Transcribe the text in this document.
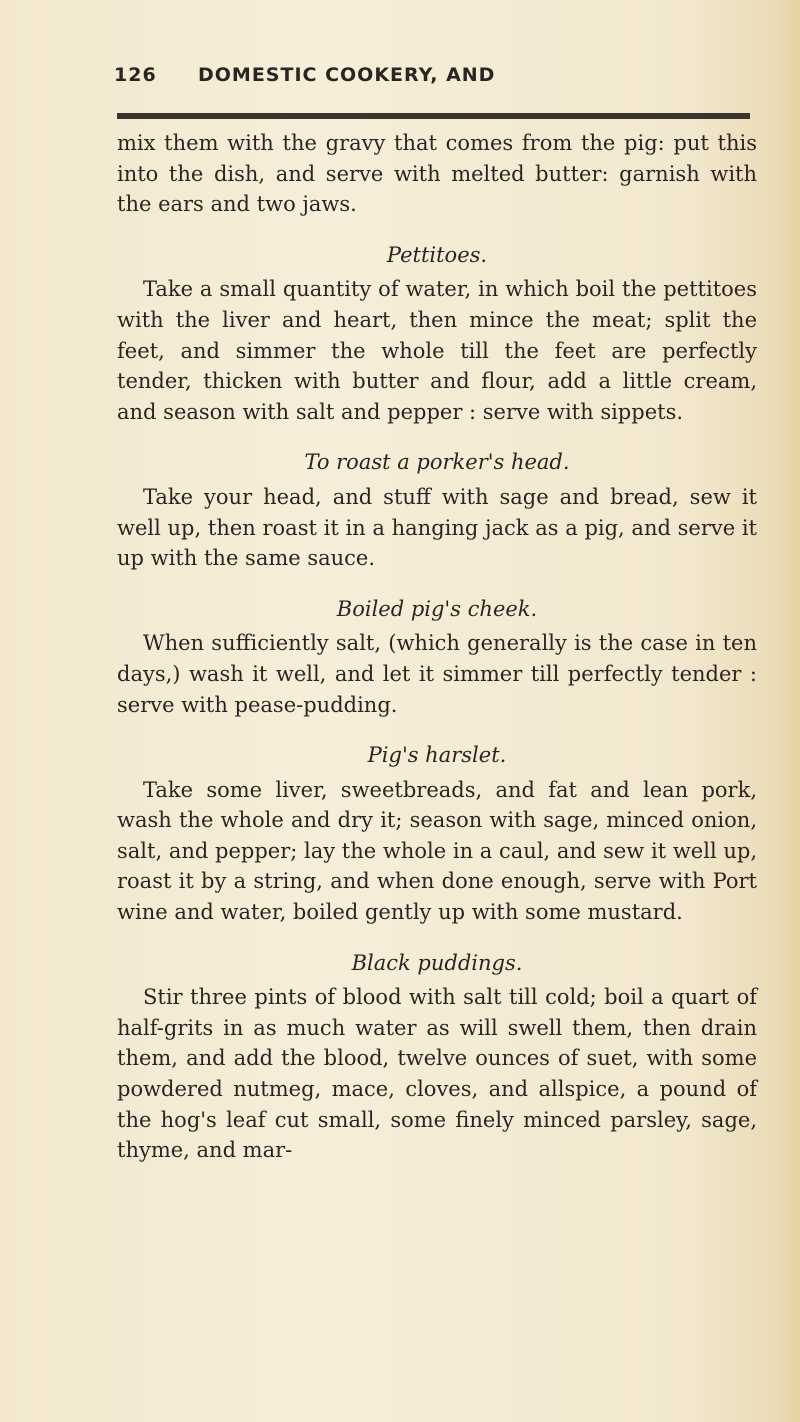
126 DOMESTIC COOKERY, AND

mix them with the gravy that comes from the pig: put this into the dish, and serve with melted butter: garnish with the ears and two jaws.

Pettitoes.

Take a small quantity of water, in which boil the pettitoes with the liver and heart, then mince the meat; split the feet, and simmer the whole till the feet are perfectly tender, thicken with butter and flour, add a little cream, and season with salt and pepper : serve with sippets.

To roast a porker's head.

Take your head, and stuff with sage and bread, sew it well up, then roast it in a hanging jack as a pig, and serve it up with the same sauce.

Boiled pig's cheek.

When sufficiently salt, (which generally is the case in ten days,) wash it well, and let it simmer till perfectly tender : serve with pease-pudding.

Pig's harslet.

Take some liver, sweetbreads, and fat and lean pork, wash the whole and dry it; season with sage, minced onion, salt, and pepper; lay the whole in a caul, and sew it well up, roast it by a string, and when done enough, serve with Port wine and water, boiled gently up with some mustard.

Black puddings.

Stir three pints of blood with salt till cold; boil a quart of half-grits in as much water as will swell them, then drain them, and add the blood, twelve ounces of suet, with some powdered nutmeg, mace, cloves, and allspice, a pound of the hog's leaf cut small, some finely minced parsley, sage, thyme, and mar-
